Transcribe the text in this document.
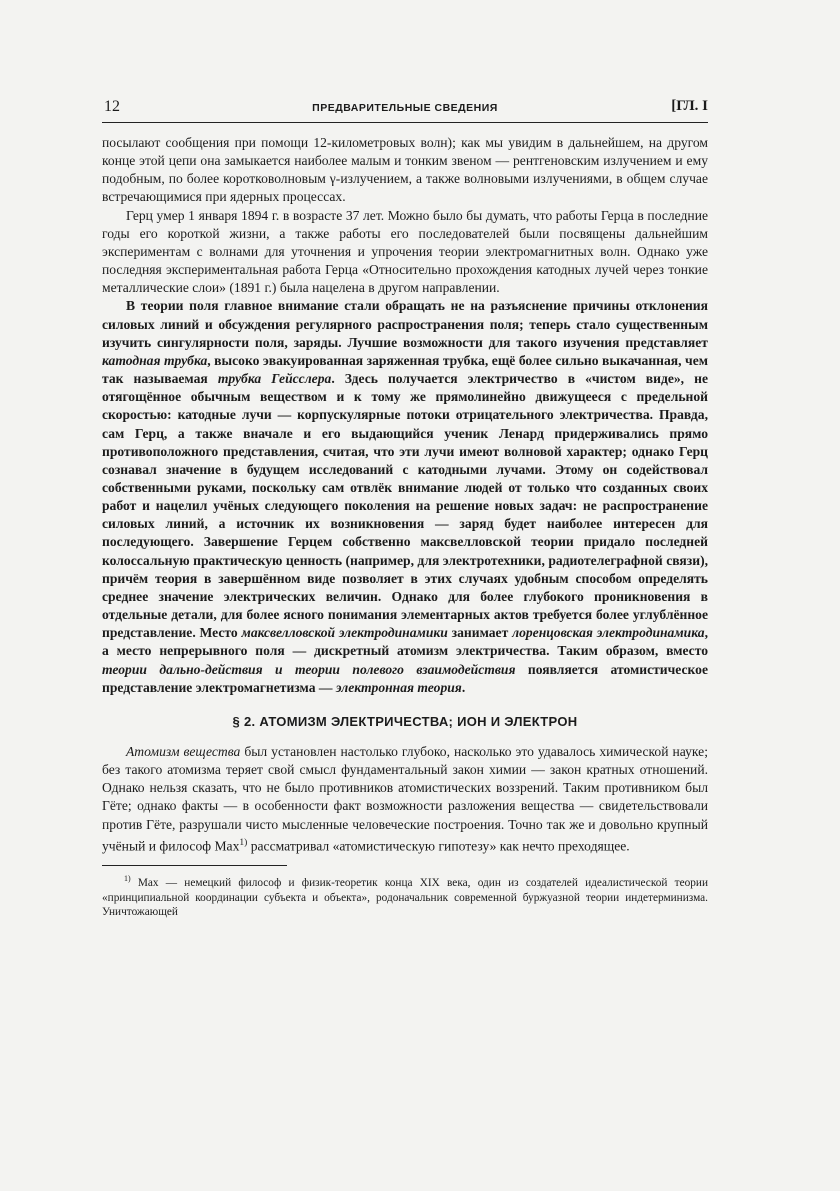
12	ПРЕДВАРИТЕЛЬНЫЕ СВЕДЕНИЯ	[ГЛ. I

посылают сообщения при помощи 12-километровых волн); как мы увидим в дальнейшем, на другом конце этой цепи она замыкается наиболее малым и тонким звеном — рентгеновским излучением и ему подобным, по более коротковолновым γ-излучением, а также волновыми излучениями, в общем случае встречающимися при ядерных процессах.

Герц умер 1 января 1894 г. в возрасте 37 лет. Можно было бы думать, что работы Герца в последние годы его короткой жизни, а также работы его последователей были посвящены дальнейшим экспериментам с волнами для уточнения и упрочения теории электромагнитных волн. Однако уже последняя экспериментальная работа Герца «Относительно прохождения катодных лучей через тонкие металлические слои» (1891 г.) была нацелена в другом направлении.

В теории поля главное внимание стали обращать не на разъяснение причины отклонения силовых линий и обсуждения регулярного распространения поля; теперь стало существенным изучить сингулярности поля, заряды. Лучшие возможности для такого изучения представляет катодная трубка, высоко эвакуированная заряженная трубка, ещё более сильно выкачанная, чем так называемая трубка Гейсслера. Здесь получается электричество в «чистом виде», не отягощённое обычным веществом и к тому же прямолинейно движущееся с предельной скоростью: катодные лучи — корпускулярные потоки отрицательного электричества. Правда, сам Герц, а также вначале и его выдающийся ученик Ленард придерживались прямо противоположного представления, считая, что эти лучи имеют волновой характер; однако Герц сознавал значение в будущем исследований с катодными лучами. Этому он содействовал собственными руками, поскольку сам отвлёк внимание людей от только что созданных своих работ и нацелил учёных следующего поколения на решение новых задач: не распространение силовых линий, а источник их возникновения — заряд будет наиболее интересен для последующего. Завершение Герцем собственно максвелловской теории придало последней колоссальную практическую ценность (например, для электротехники, радиотелеграфной связи), причём теория в завершённом виде позволяет в этих случаях удобным способом определять среднее значение электрических величин. Однако для более глубокого проникновения в отдельные детали, для более ясного понимания элементарных актов требуется более углублённое представление. Место максвелловской электродинамики занимает лоренцовская электродинамика, а место непрерывного поля — дискретный атомизм электричества. Таким образом, вместо теории дально-действия и теории полевого взаимодействия появляется атомистическое представление электромагнетизма — электронная теория.

§ 2. АТОМИЗМ ЭЛЕКТРИЧЕСТВА; ИОН И ЭЛЕКТРОН

Атомизм вещества был установлен настолько глубоко, насколько это удавалось химической науке; без такого атомизма теряет свой смысл фундаментальный закон химии — закон кратных отношений. Однако нельзя сказать, что не было противников атомистических воззрений. Таким противником был Гёте; однако факты — в особенности факт возможности разложения вещества — свидетельствовали против Гёте, разрушали чисто мысленные человеческие построения. Точно так же и довольно крупный учёный и философ Мах$^{1)}$ рассматривал «атомистическую гипотезу» как нечто преходящее.

$^{1)}$ Мах — немецкий философ и физик-теоретик конца XIX века, один из создателей идеалистической теории «принципиальной координации субъекта и объекта», родоначальник современной буржуазной теории индетерминизма. Уничтожающей
